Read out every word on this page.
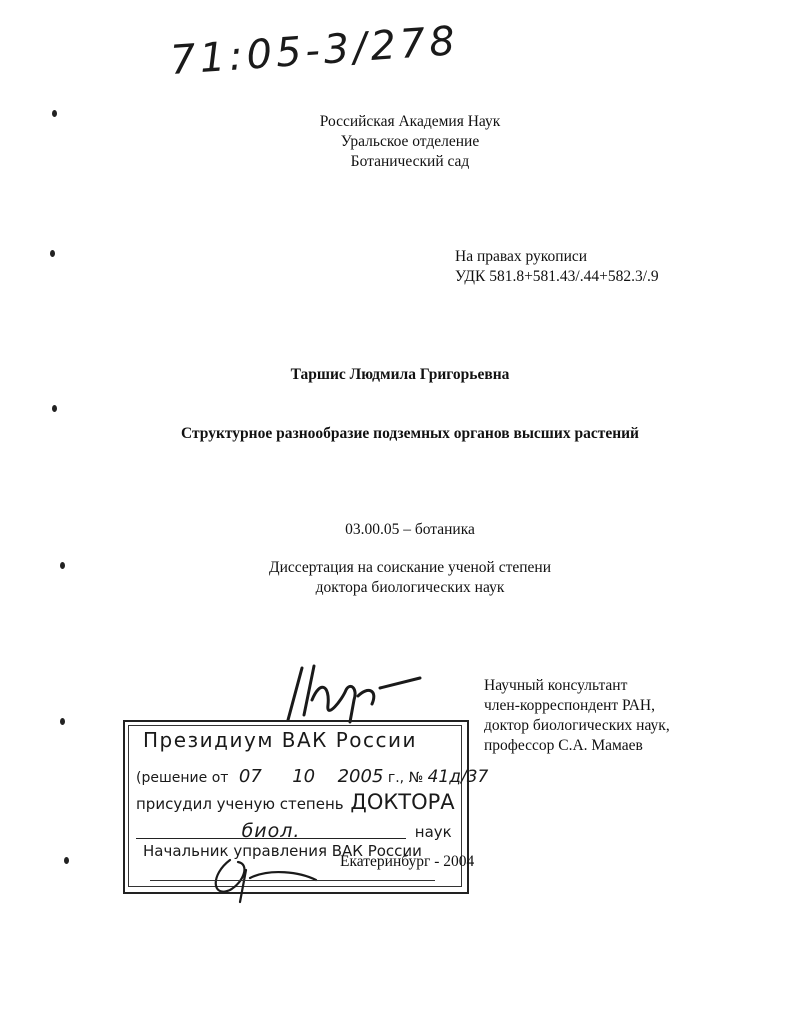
71:05-3/278
Российская Академия Наук
Уральское отделение
Ботанический сад
На правах рукописи
УДК 581.8+581.43/.44+582.3/.9
Таршис Людмила Григорьевна
Структурное разнообразие подземных органов высших растений
03.00.05 – ботаника
Диссертация на соискание ученой степени
доктора биологических наук
Научный консультант
член-корреспондент РАН,
доктор биологических наук,
профессор С.А. Мамаев
Президиум ВАК России
(решение от 07 10 2005 г., № 41д/37
присудил ученую степень ДОКТОРА
биол.	наук
Начальник управления ВАК России
Екатеринбург - 2004
